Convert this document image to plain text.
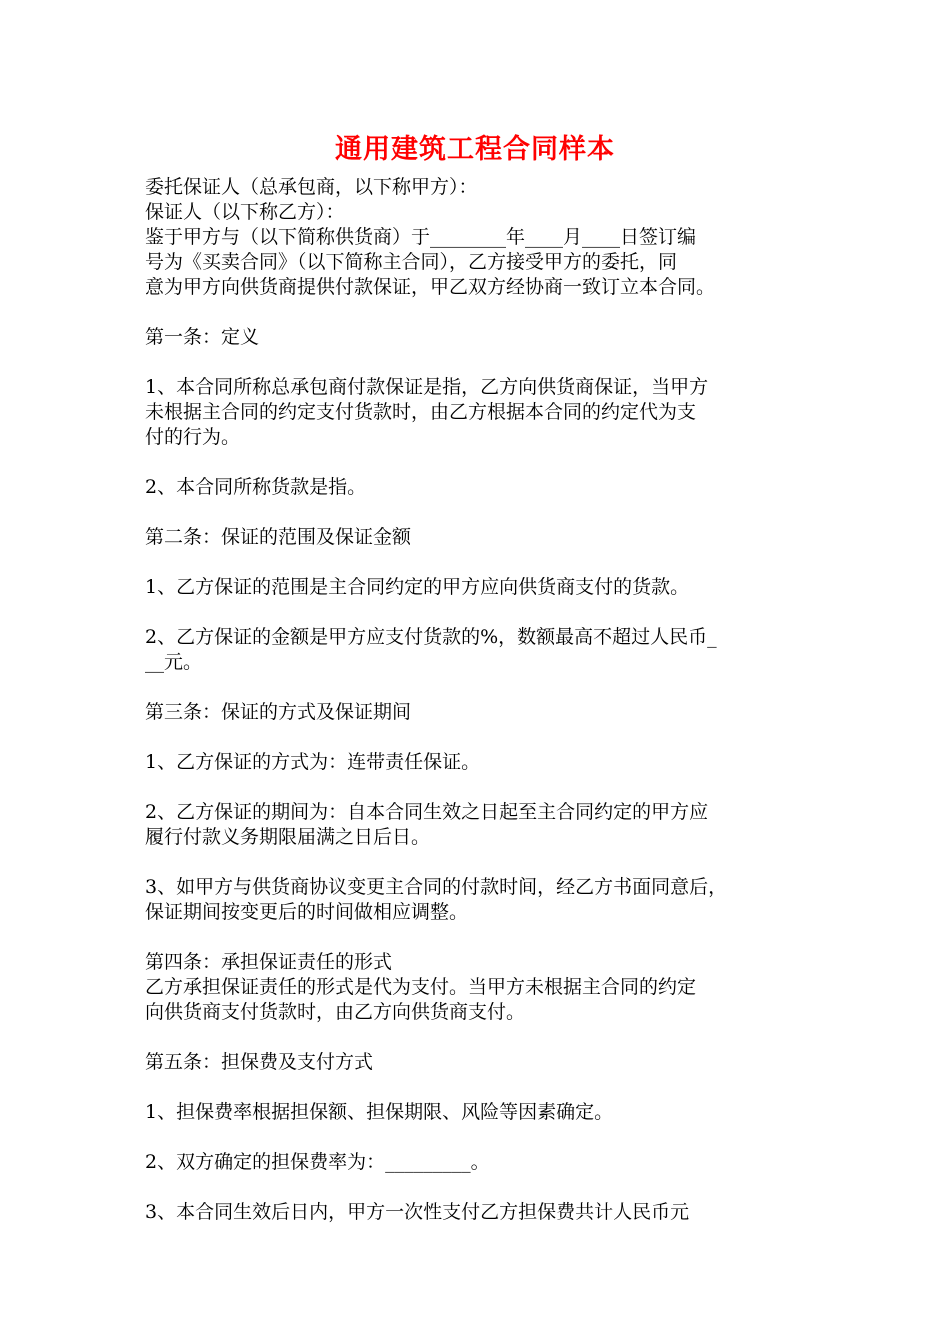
通用建筑工程合同样本

委托保证人（总承包商，以下称甲方）：

保证人（以下称乙方）：

鉴于甲方与（以下简称供货商）于________年____月____日签订编

号为《买卖合同》（以下简称主合同），乙方接受甲方的委托，同

意为甲方向供货商提供付款保证，甲乙双方经协商一致订立本合同。

第一条：定义

1、本合同所称总承包商付款保证是指，乙方向供货商保证，当甲方

未根据主合同的约定支付货款时，由乙方根据本合同的约定代为支

付的行为。

2、本合同所称货款是指。

第二条：保证的范围及保证金额

1、乙方保证的范围是主合同约定的甲方应向供货商支付的货款。

2、乙方保证的金额是甲方应支付货款的%，数额最高不超过人民币_

__元。

第三条：保证的方式及保证期间

1、乙方保证的方式为：连带责任保证。

2、乙方保证的期间为：自本合同生效之日起至主合同约定的甲方应

履行付款义务期限届满之日后日。

3、如甲方与供货商协议变更主合同的付款时间，经乙方书面同意后，

保证期间按变更后的时间做相应调整。

第四条：承担保证责任的形式

乙方承担保证责任的形式是代为支付。当甲方未根据主合同的约定

向供货商支付货款时，由乙方向供货商支付。

第五条：担保费及支付方式

1、担保费率根据担保额、担保期限、风险等因素确定。

2、双方确定的担保费率为：_________。

3、本合同生效后日内，甲方一次性支付乙方担保费共计人民币元
